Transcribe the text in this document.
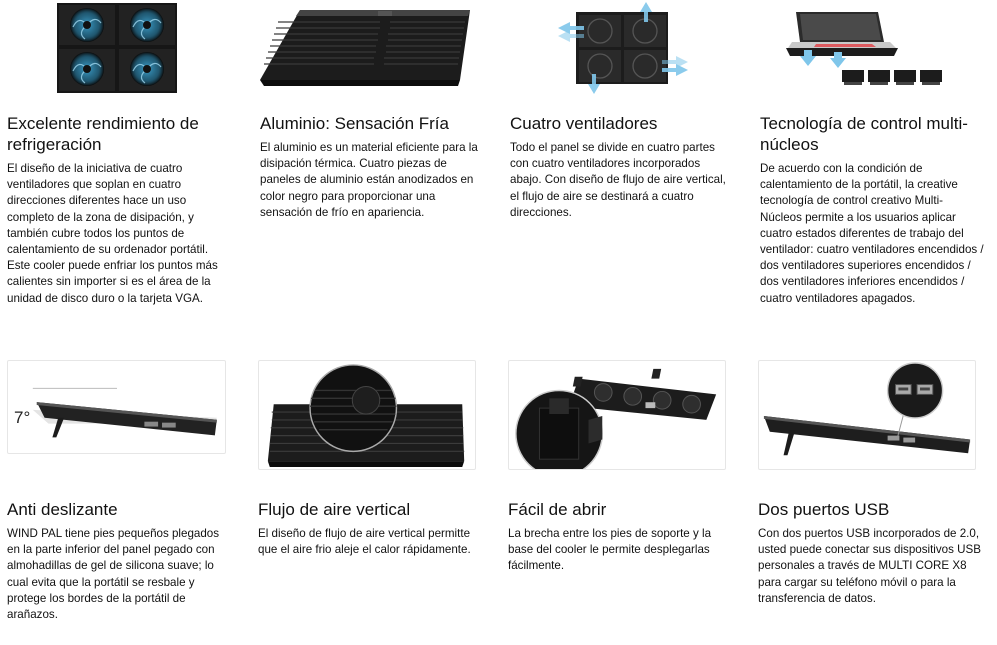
Excelente rendimiento de refrigeración

El diseño de la iniciativa de cuatro ventiladores que soplan en cuatro direcciones diferentes hace un uso completo de la zona de disipación, y también cubre todos los puntos de calentamiento de su ordenador portátil. Este cooler puede enfriar los puntos más calientes sin importer si es el área de la unidad de disco duro o la tarjeta VGA.

Aluminio: Sensación Fría

El aluminio es un material eficiente para la disipación térmica. Cuatro piezas de paneles de aluminio están anodizados en color negro para proporcionar una sensación de frío en apariencia.

Cuatro ventiladores

Todo el panel se divide en cuatro partes con cuatro ventiladores incorporados abajo. Con diseño de flujo de aire vertical, el flujo de aire se destinará a cuatro direcciones.

Tecnología de control multi-núcleos

De acuerdo con la condición de calentamiento de la portátil, la creative tecnología de control creativo Multi-Núcleos permite a los usuarios aplicar cuatro estados diferentes de trabajo del ventilador: cuatro ventiladores encendidos / dos ventiladores superiores encendidos / dos ventiladores inferiores encendidos / cuatro ventiladores apagados.

7°
Anti deslizante

WIND PAL tiene pies pequeños plegados en la parte inferior del panel pegado con almohadillas de gel de silicona suave; lo cual evita que la portátil se resbale y protege los bordes de la portátil de arañazos.

Flujo de aire vertical

El diseño de flujo de aire vertical permitte que el aire frio aleje el calor rápidamente.

Fácil de abrir

La brecha entre los pies de soporte y la base del cooler le permite desplegarlas fácilmente.

Dos puertos USB

Con dos puertos USB incorporados de 2.0, usted puede conectar sus dispositivos USB personales a través de MULTI CORE X8 para cargar su teléfono móvil o para la transferencia de datos.
